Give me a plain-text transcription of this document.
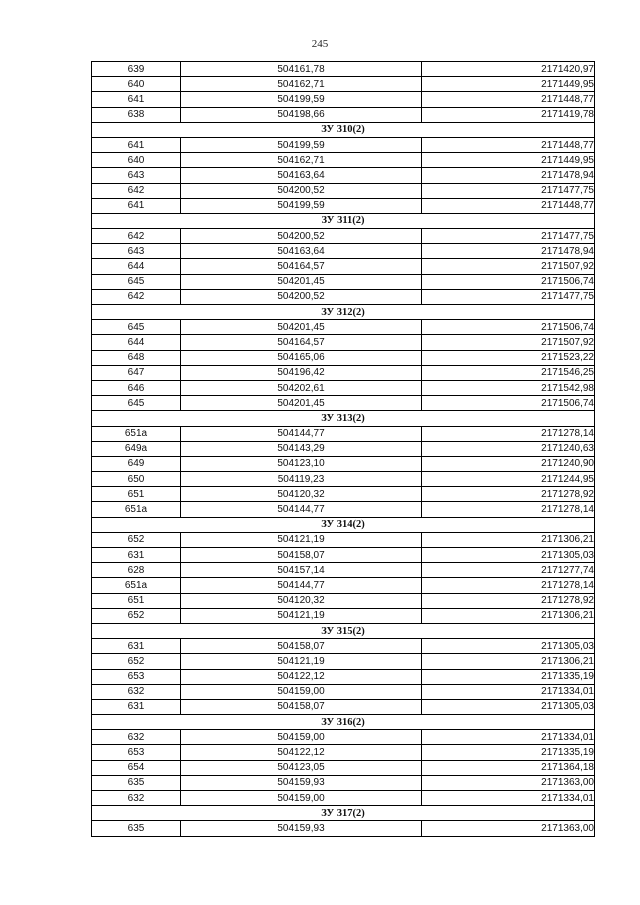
245
639	504161,78	2171420,97
640	504162,71	2171449,95
641	504199,59	2171448,77
638	504198,66	2171419,78
ЗУ 310(2)		
641	504199,59	2171448,77
640	504162,71	2171449,95
643	504163,64	2171478,94
642	504200,52	2171477,75
641	504199,59	2171448,77
ЗУ 311(2)		
642	504200,52	2171477,75
643	504163,64	2171478,94
644	504164,57	2171507,92
645	504201,45	2171506,74
642	504200,52	2171477,75
ЗУ 312(2)		
645	504201,45	2171506,74
644	504164,57	2171507,92
648	504165,06	2171523,22
647	504196,42	2171546,25
646	504202,61	2171542,98
645	504201,45	2171506,74
ЗУ 313(2)		
651а	504144,77	2171278,14
649а	504143,29	2171240,63
649	504123,10	2171240,90
650	504119,23	2171244,95
651	504120,32	2171278,92
651а	504144,77	2171278,14
ЗУ 314(2)		
652	504121,19	2171306,21
631	504158,07	2171305,03
628	504157,14	2171277,74
651а	504144,77	2171278,14
651	504120,32	2171278,92
652	504121,19	2171306,21
ЗУ 315(2)		
631	504158,07	2171305,03
652	504121,19	2171306,21
653	504122,12	2171335,19
632	504159,00	2171334,01
631	504158,07	2171305,03
ЗУ 316(2)		
632	504159,00	2171334,01
653	504122,12	2171335,19
654	504123,05	2171364,18
635	504159,93	2171363,00
632	504159,00	2171334,01
ЗУ 317(2)		
635	504159,93	2171363,00
